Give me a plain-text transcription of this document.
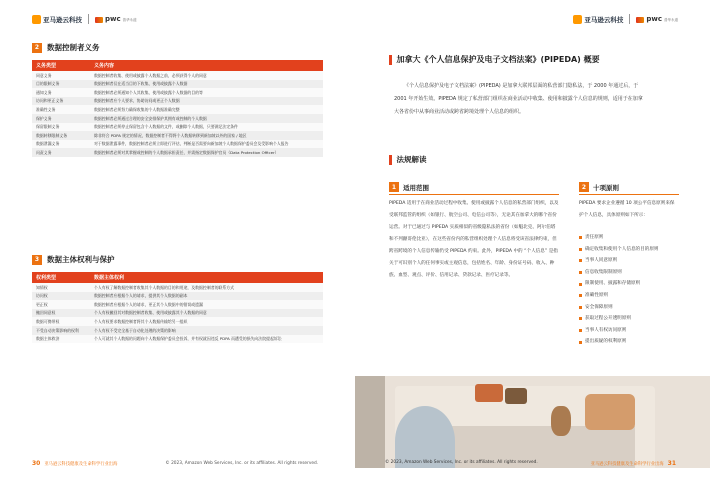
亚马逊云科技	pwc 普华永道
2	数据控制者义务
义务类型	义务内容
同意义务	数据控制者收集、使用或披露个人数据之前，必须获得个人的同意
目的限制义务	数据控制者仅在适当目的下收集、使用或披露个人数据
通知义务	数据控制者必须通知个人其收集、使用或披露个人数据的目的等
访问和更正义务	数据控制者应个人要求，协助访问或更正个人数据
准确性义务	数据控制者必须努力确保收集的个人数据准确完整
保护义务	数据控制者必须通过合理的安全安排保护其拥有或控制的个人数据
保留限制义务	数据控制者必须停止保留包含个人数据的文件，或删除个人数据，只要满足法定条件
数据转移限制义务	除非符合 PDPA 规定的情况，数据控制者不得将个人数据转移到新加坡以外的国家 / 地区
数据泄漏义务	对于数据泄露事件，数据控制者必须立即进行评估，判断是否需要向新加坡个人数据保护委员会及受影响个人报告
问责义务	数据控制者必须对其掌握或控制的个人数据承担责任，并需指定数据保护官员（Data Protection Officer）
3	数据主体权利与保护
权利类型	数据主体权利
知情权	个人有权了解数据控制者收集其个人数据的目的和用途，及数据控制者的联系方式
访问权	数据控制者应根据个人的请求，提供其个人数据的副本
更正权	数据控制者应根据个人的请求，更正其个人数据中的错误或遗漏
撤回同意权	个人有权撤回其对数据控制者收集、使用或披露其个人数据的同意
数据可携带权	个人有权要求数据控制者将其个人数据传输给另一组织
不受自动决策影响的权利	个人有权不受完全基于自动化处理的决策的影响
数据主体救济	个人可就其个人数据的问题向个人数据保护委员会投诉，并有权就因违反 PDPA 而遭受的损失向法院提起诉讼
30 亚马逊云科技健康及生命科学行业出海	© 2023, Amazon Web Services, Inc. or its affiliates. All rights reserved.
亚马逊云科技	pwc 普华永道
加拿大《个人信息保护及电子文档法案》(PIPEDA) 概要

《个人信息保护及电子文档法案》(PIPEDA) 是加拿大联邦层面的私营部门隐私法，于 2000 年通过后，于 2001 年开始生效。PIPEDA 规定了私营部门组织在商业活动中收集、使用和披露个人信息的规则，适用于在加拿大各省份中从事商业活动或跨省跨境处理个人信息的组织。

法规解读
1	适用范围

PIPEDA 适用于在商业活动过程中收集、使用或披露个人信息的私营部门组织，以及受联邦监管的组织（如银行、航空公司、电信公司等），无论其在加拿大的哪个省份运营。对于已通过与 PIPEDA 实质相似的省级隐私法的省份（如魁北克、阿尔伯塔和不列颠哥伦比亚），在这些省份内的私营组织处理个人信息将受该省法律约束，但跨省跨境的个人信息传输仍受 PIPEDA 约束。此外，PIPEDA 中的 “个人信息” 是指关于可识别个人的任何事实或主观信息，包括姓名、年龄、身份证号码、收入、种族、血型、观点、评价、信用记录、贷款记录、医疗记录等。

2	十项原则

PIPEDA 要求企业遵循 10 项公平信息原则来保护个人信息，具体原则如下所示：

责任原则
确定收集和使用个人信息的目的原则
当事人同意原则
信息收集限制原则
限制使用、披露和存储原则
准确性原则
安全保障原则
获取过程公开透明原则
当事人有权访问原则
提出质疑的权利原则
© 2023, Amazon Web Services, Inc. or its affiliates. All rights reserved.	亚马逊云科技健康及生命科学行业出海 31
